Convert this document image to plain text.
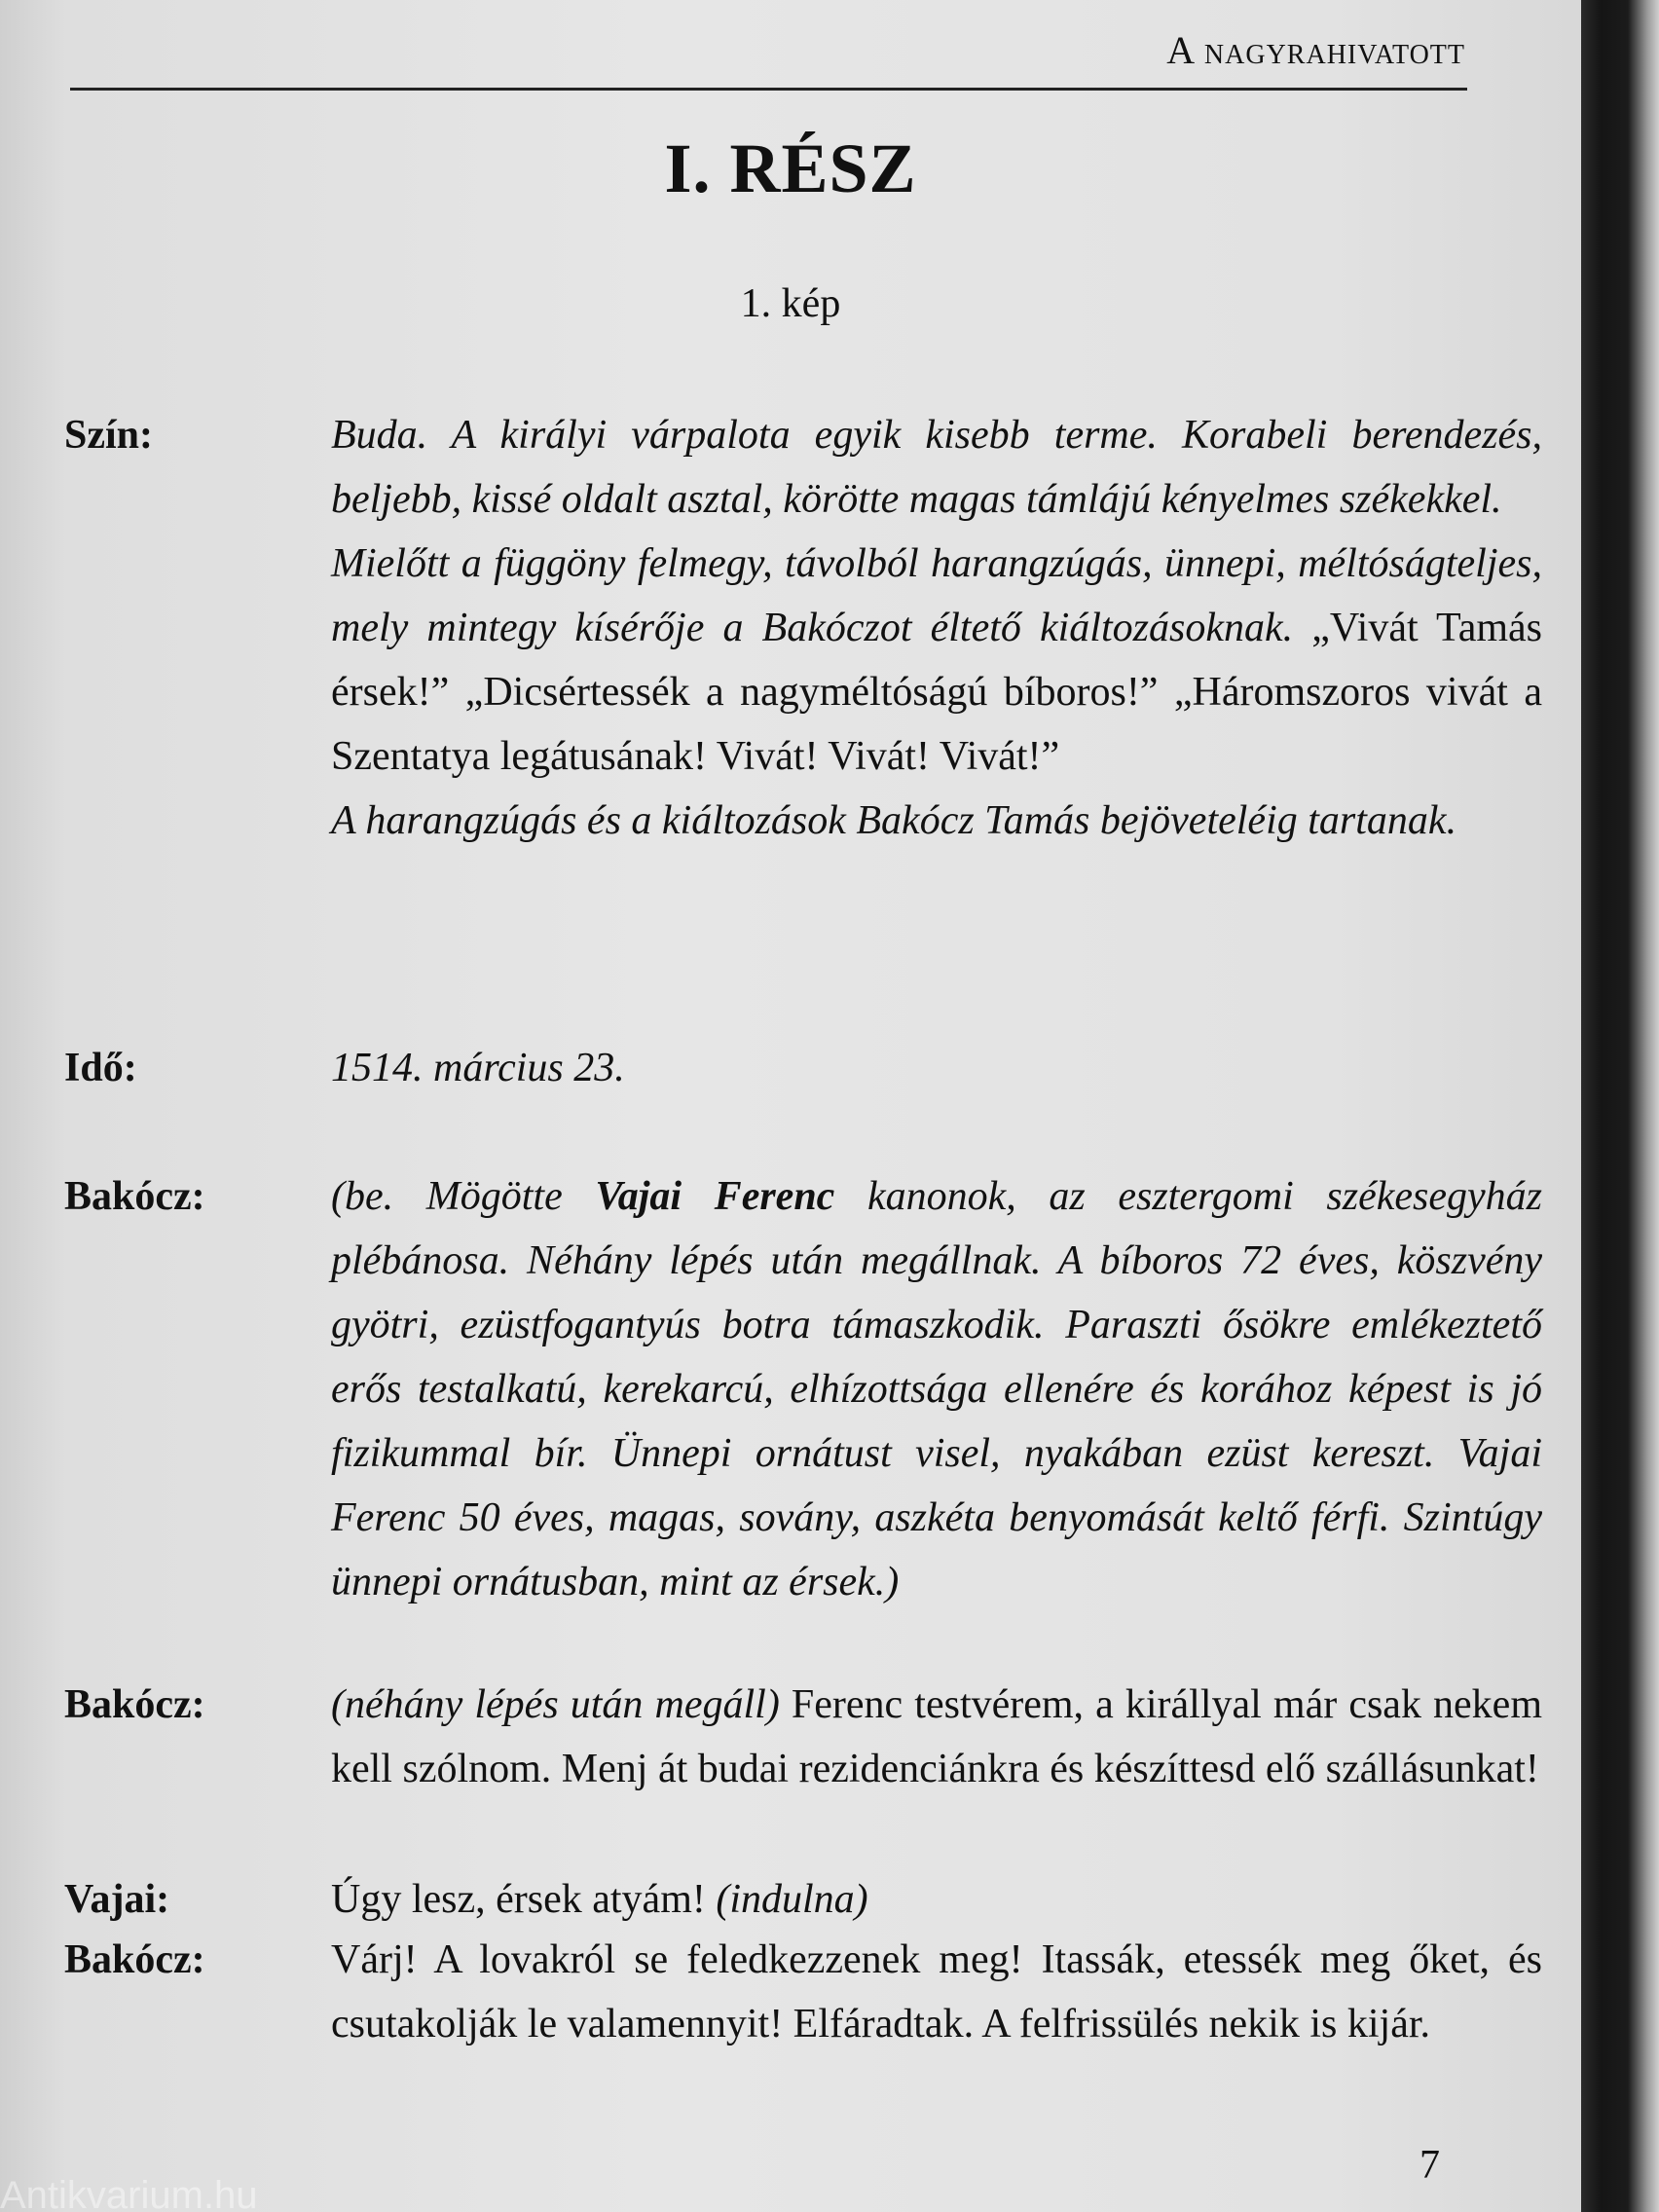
A nagyrahivatott
I. RÉSZ
1. kép
Szín:	Buda. A királyi várpalota egyik kisebb terme. Korabeli berendezés, beljebb, kissé oldalt asztal, körötte magas támlájú kényelmes székekkel.

Mielőtt a függöny felmegy, távolból harangzúgás, ünnepi, méltóságteljes, mely mintegy kísérője a Bakóczot éltető kiáltozásoknak. „Vivát Tamás érsek!” „Dicsértessék a nagyméltóságú bíboros!” „Háromszoros vivát a Szentatya legátusának! Vivát! Vivát! Vivát!”

A harangzúgás és a kiáltozások Bakócz Tamás bejöveteléig tartanak.

Idő:	1514. március 23.
Bakócz:	(be. Mögötte Vajai Ferenc kanonok, az esztergomi székesegyház plébánosa. Néhány lépés után megállnak. A bíboros 72 éves, köszvény gyötri, ezüstfogantyús botra támaszkodik. Paraszti ősökre emlékeztető erős testalkatú, kerekarcú, elhízottsága ellenére és korához képest is jó fizikummal bír. Ünnepi ornátust visel, nyakában ezüst kereszt. Vajai Ferenc 50 éves, magas, sovány, aszkéta benyomását keltő férfi. Szintúgy ünnepi ornátusban, mint az érsek.)
Bakócz:	(néhány lépés után megáll) Ferenc testvérem, a királlyal már csak nekem kell szólnom. Menj át budai rezidenciánkra és készíttesd elő szállásunkat!
Vajai:	Úgy lesz, érsek atyám! (indulna)
Bakócz:	Várj! A lovakról se feledkezzenek meg! Itassák, etessék meg őket, és csutakolják le valamennyit! Elfáradtak. A felfrissülés nekik is kijár.
7
Antikvarium.hu
